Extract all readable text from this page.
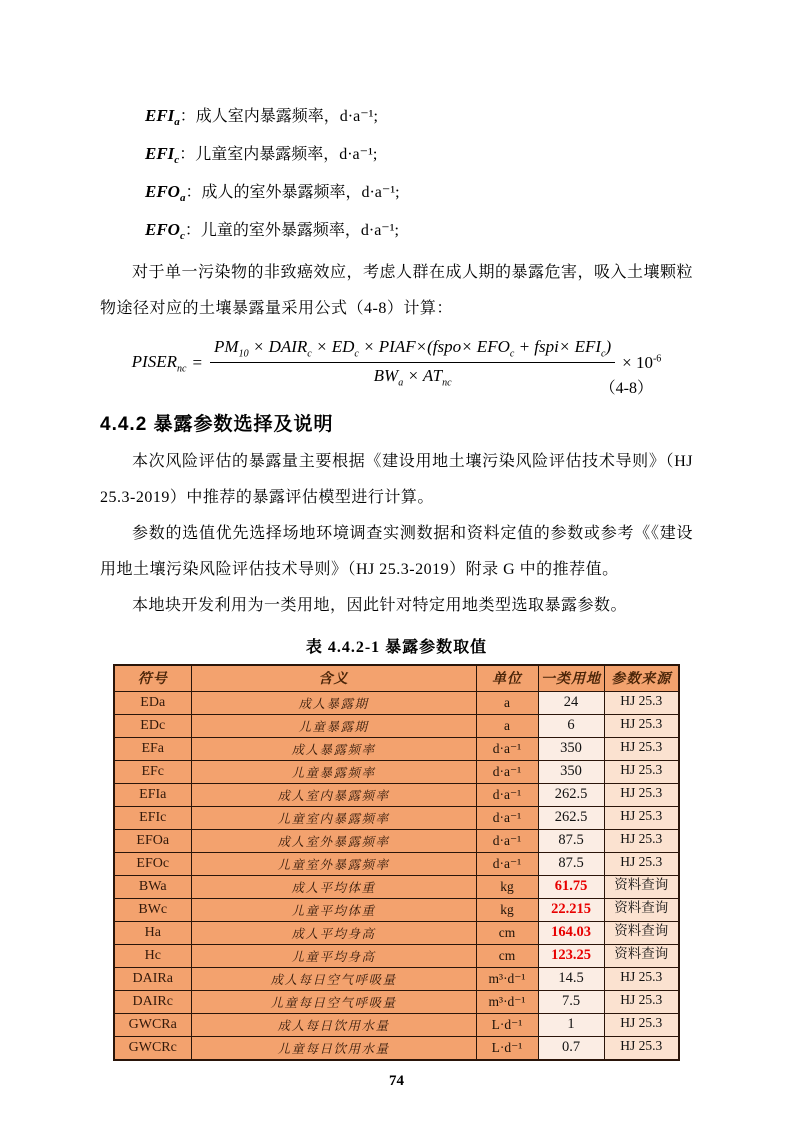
$EFI_a$：成人室内暴露频率，d·a⁻¹;

$EFI_c$：儿童室内暴露频率，d·a⁻¹;

$EFO_a$：成人的室外暴露频率，d·a⁻¹;

$EFO_c$：儿童的室外暴露频率，d·a⁻¹;

对于单一污染物的非致癌效应，考虑人群在成人期的暴露危害，吸入土壤颗粒物途径对应的土壤暴露量采用公式（4-8）计算：

$PISER_{nc} = \frac{PM_{10} \times DAIR_c \times ED_c \times PIAF\times(fspo\times EFO_c + fspi\times EFI_c)}{BW_a \times AT_{nc}} \times 10^{-6}$
（4-8）
4.4.2 暴露参数选择及说明

本次风险评估的暴露量主要根据《建设用地土壤污染风险评估技术导则》（HJ 25.3-2019）中推荐的暴露评估模型进行计算。

参数的选值优先选择场地环境调查实测数据和资料定值的参数或参考《《建设用地土壤污染风险评估技术导则》（HJ 25.3-2019）附录 G 中的推荐值。

本地块开发利用为一类用地，因此针对特定用地类型选取暴露参数。

表 4.4.2-1 暴露参数取值
符号	含义	单位	一类用地	参数来源
EDa	成人暴露期	a	24	HJ 25.3
EDc	儿童暴露期	a	6	HJ 25.3
EFa	成人暴露频率	d·a⁻¹	350	HJ 25.3
EFc	儿童暴露频率	d·a⁻¹	350	HJ 25.3
EFIa	成人室内暴露频率	d·a⁻¹	262.5	HJ 25.3
EFIc	儿童室内暴露频率	d·a⁻¹	262.5	HJ 25.3
EFOa	成人室外暴露频率	d·a⁻¹	87.5	HJ 25.3
EFOc	儿童室外暴露频率	d·a⁻¹	87.5	HJ 25.3
BWa	成人平均体重	kg	61.75	资料查询
BWc	儿童平均体重	kg	22.215	资料查询
Ha	成人平均身高	cm	164.03	资料查询
Hc	儿童平均身高	cm	123.25	资料查询
DAIRa	成人每日空气呼吸量	m³·d⁻¹	14.5	HJ 25.3
DAIRc	儿童每日空气呼吸量	m³·d⁻¹	7.5	HJ 25.3
GWCRa	成人每日饮用水量	L·d⁻¹	1	HJ 25.3
GWCRc	儿童每日饮用水量	L·d⁻¹	0.7	HJ 25.3
74
